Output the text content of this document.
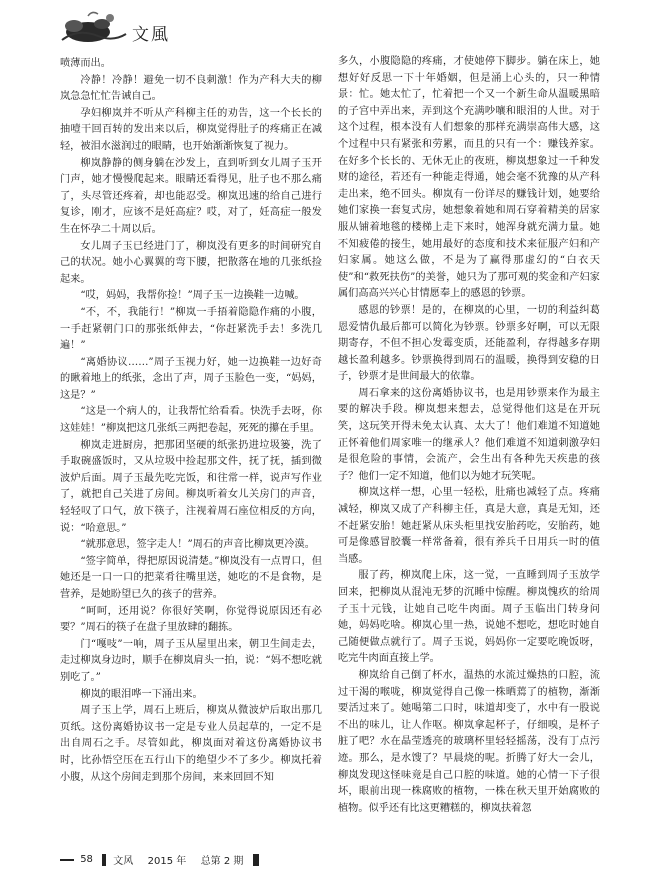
文風

喷薄而出。

冷静！冷静！避免一切不良刺激！作为产科大夫的柳岚急急忙忙告诫自己。

孕妇柳岚并不听从产科柳主任的劝告，这一个长长的抽噎干回百转的发出来以后，柳岚觉得肚子的疼痛正在减轻，被泪水滋润过的眼睛，也开始渐渐恢复了视力。

柳岚静静的侧身躺在沙发上，直到听到女儿周子玉开门声，她才慢慢爬起来。眼睛还看得见，肚子也不那么痛了，头尽管还疼着，却也能忍受。柳岚迅速的给自己进行复诊，刚才，应该不是妊高症？哎，对了，妊高症一般发生在怀孕二十周以后。

女儿周子玉已经进门了，柳岚没有更多的时间研究自己的状况。她小心翼翼的弯下腰，把散落在地的几张纸捡起来。

“哎，妈妈，我帮你捡！”周子玉一边换鞋一边喊。

“不，不，我能行！”柳岚一手捂着隐隐作痛的小腹，一手赶紧朝门口的那张纸伸去，“你赶紧洗手去！多洗几遍！”

“离婚协议……”周子玉视力好，她一边换鞋一边好奇的瞅着地上的纸张，念出了声，周子玉脸色一变，“妈妈，这是？”

“这是一个病人的，让我帮忙给看看。快洗手去呀，你这娃娃！”柳岚把这几张纸三两把卷起，死死的攥在手里。

柳岚走进厨房，把那团坚硬的纸张扔进垃圾篓，洗了手取碗盛饭时，又从垃圾中捡起那文件，抚了抚，插到微波炉后面。周子玉最先吃完饭，和往常一样，说声写作业了，就把自己关进了房间。柳岚听着女儿关房门的声音，轻轻叹了口气，放下筷子，注视着周石座位相反的方向，说：“哈意思。”

“就那意思，签字走人！”周石的声音比柳岚更冷漠。

“签字简单，得把原因说清楚。”柳岚没有一点胃口，但她还是一口一口的把菜肴往嘴里送，她吃的不是食物，是营养，是她盼望已久的孩子的营养。

“呵呵，还用说？你很好笑啊，你觉得说原因还有必要？”周石的筷子在盘子里放肆的翻拣。

门“嘎吱”一响，周子玉从屋里出来，朝卫生间走去，走过柳岚身边时，顺手在柳岚肩头一拍，说：“妈不想吃就别吃了。”

柳岚的眼泪哗一下涌出来。

周子玉上学，周石上班后，柳岚从微波炉后取出那几页纸。这份离婚协议书一定是专业人员起草的，一定不是出自周石之手。尽管如此，柳岚面对着这份离婚协议书时，比孙悟空压在五行山下的绝望少不了多少。柳岚托着小腹，从这个房间走到那个房间，来来回回不知

多久，小腹隐隐的疼痛，才使她停下脚步。躺在床上，她想好好反思一下十年婚姻，但是涌上心头的，只一种情景：忙。她太忙了，忙着把一个又一个新生命从温暖黑暗的子宫中弄出来，弄到这个充满吵嚷和眼泪的人世。对于这个过程，根本没有人们想象的那样充满崇高伟大感，这个过程中只有紧张和劳累，而且的只有一个：赚钱养家。在好多个长长的、无休无止的夜班，柳岚想象过一千种发财的途径，若还有一种能走得通，她会毫不犹豫的从产科走出来，绝不回头。柳岚有一份详尽的赚钱计划，她要给她们家换一套复式房，她想象着她和周石穿着精美的居家服从铺着地毯的楼梯上走下来时，她浑身就充满力量。她不知疲倦的接生，她用最好的态度和技术来征服产妇和产妇家属。她这么做，不是为了赢得那虚幻的“白衣天使”和“救死扶伤”的美誉，她只为了那可观的奖金和产妇家属们高高兴兴心甘情愿奉上的感恩的钞票。

感恩的钞票！是的，在柳岚的心里，一切的利益纠葛恩爱情仇最后都可以简化为钞票。钞票多好啊，可以无限期寄存，不但不担心发霉变质，还能盈利，存得越多存期越长盈利越多。钞票换得到周石的温暖，换得到安稳的日子，钞票才是世间最大的依靠。

周石拿来的这份离婚协议书，也是用钞票来作为最主要的解决手段。柳岚想来想去，总觉得他们这是在开玩笑，这玩笑开得未免太认真、太大了！他们难道不知道她正怀着他们周家唯一的继承人？他们难道不知道刺激孕妇是很危险的事情，会流产，会生出有各种先天疾患的孩子？他们一定不知道，他们以为她才玩笑呢。

柳岚这样一想，心里一轻松，肚痛也减轻了点。疼痛减轻，柳岚又成了产科柳主任，真是大意，真是无知，还不赶紧安胎！她赶紧从床头柜里找安胎药吃，安胎药，她可是像感冒胶囊一样常备着，很有养兵千日用兵一时的值当感。

服了药，柳岚爬上床，这一觉，一直睡到周子玉放学回来，把柳岚从混沌无梦的沉睡中惊醒。柳岚愧疚的给周子玉十元钱，让她自己吃牛肉面。周子玉临出门转身问她，妈妈吃啥。柳岚心里一热，说她不想吃，想吃时她自己随便做点就行了。周子玉说，妈妈你一定要吃晚饭呀，吃完牛肉面直接上学。

柳岚给自己倒了杯水，温热的水流过燥热的口腔，流过干渴的喉咙，柳岚觉得自己像一株晒蔫了的植物，渐渐要活过来了。她喝第二口时，味道却变了，水中有一股说不出的味儿，让人作呕。柳岚拿起杯子，仔细嗅，是杯子脏了吧？水在晶莹透亮的玻璃杯里轻轻摇荡，没有丁点污迹。那么，是水馊了？早晨烧的呢。折腾了好大一会儿，柳岚发现这怪味竟是自己口腔的味道。她的心情一下子很坏，眼前出现一株腐败的植物，一株在秋天里开始腐败的植物。似乎还有比这更糟糕的，柳岚扶着忽

58 文风 2015 年 总第 2 期
